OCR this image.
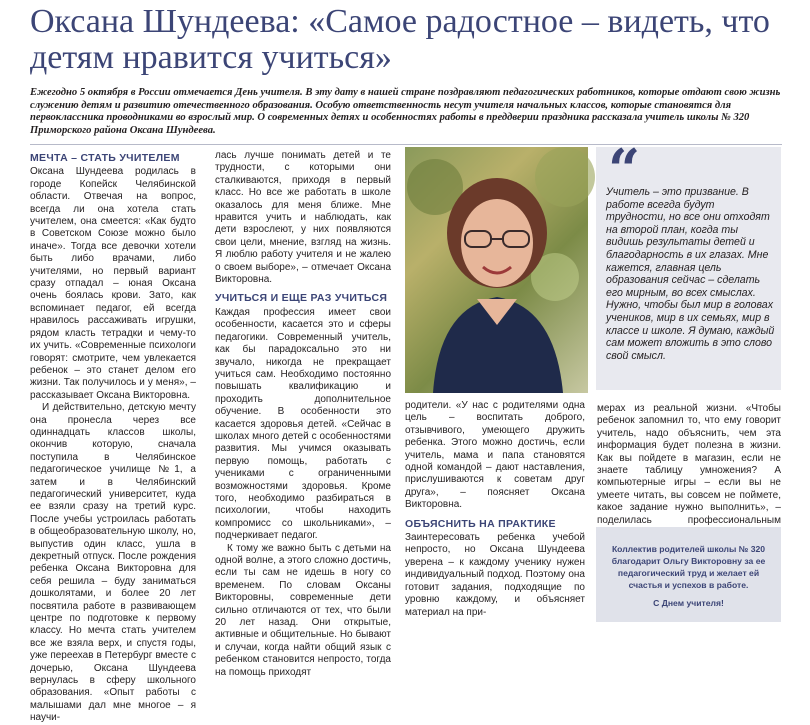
Оксана Шундеева: «Самое радостное – видеть, что детям нравится учиться»
Ежегодно 5 октября в России отмечается День учителя. В эту дату в нашей стране поздравляют педагогических работников, которые отдают свою жизнь служению детям и развитию отечественного образования. Особую ответственность несут учителя начальных классов, которые становятся для первоклассника проводниками во взрослый мир. О современных детях и особенностях работы в преддверии праздника рассказала учитель школы № 320 Приморского района Оксана Шундеева.
МЕЧТА – СТАТЬ УЧИТЕЛЕМ

Оксана Шундеева родилась в городе Копейск Челябинской области. Отвечая на вопрос, всегда ли она хотела стать учителем, она смеется: «Как будто в Советском Союзе можно было иначе». Тогда все девочки хотели быть либо врачами, либо учителями, но первый вариант сразу отпадал – юная Оксана очень боялась крови. Зато, как вспоминает педагог, ей всегда нравилось рассаживать игрушки, рядом класть тетрадки и чему-то их учить. «Современные психологи говорят: смотрите, чем увлекается ребенок – это станет делом его жизни. Так получилось и у меня», – рассказывает Оксана Викторовна.

И действительно, детскую мечту она пронесла через все одиннадцать классов школы, окончив которую, сначала поступила в Челябинское педагогическое училище №1, а затем и в Челябинский педагогический университет, куда ее взяли сразу на третий курс. После учебы устроилась работать в общеобразовательную школу, но, выпустив один класс, ушла в декретный отпуск. После рождения ребенка Оксана Викторовна для себя решила – буду заниматься дошколятами, и более 20 лет посвятила работе в развивающем центре по подготовке к первому классу. Но мечта стать учителем все же взяла верх, и спустя годы, уже переехав в Петербург вместе с дочерью, Оксана Шундеева вернулась в сферу школьного образования. «Опыт работы с малышами дал мне многое – я научи-

лась лучше понимать детей и те трудности, с которыми они сталкиваются, приходя в первый класс. Но все же работать в школе оказалось для меня ближе. Мне нравится учить и наблюдать, как дети взрослеют, у них появляются свои цели, мнение, взгляд на жизнь. Я люблю работу учителя и не жалею о своем выборе», – отмечает Оксана Викторовна.

УЧИТЬСЯ И ЕЩЕ РАЗ УЧИТЬСЯ

Каждая профессия имеет свои особенности, касается это и сферы педагогики. Современный учитель, как бы парадоксально это ни звучало, никогда не прекращает учиться сам. Необходимо постоянно повышать квалификацию и проходить дополнительное обучение. В особенности это касается здоровья детей. «Сейчас в школах много детей с особенностями развития. Мы учимся оказывать первую помощь, работать с учениками с ограниченными возможностями здоровья. Кроме того, необходимо разбираться в психологии, чтобы находить компромисс со школьниками», – подчеркивает педагог.

К тому же важно быть с детьми на одной волне, а этого сложно достичь, если ты сам не идешь в ногу со временем. По словам Оксаны Викторовны, современные дети сильно отличаются от тех, что были 20 лет назад. Они открытые, активные и общительные. Но бывают и случаи, когда найти общий язык с ребенком становится непросто, тогда на помощь приходят

“
Учитель – это призвание. В работе всегда будут трудности, но все они отходят на второй план, когда ты видишь результаты детей и благодарность в их глазах. Мне кажется, главная цель образования сейчас – сделать его мирным, во всех смыслах. Нужно, чтобы был мир в головах учеников, мир в их семьях, мир в классе и школе. Я думаю, каждый сам может вложить в это слово свой смысл.

родители. «У нас с родителями одна цель – воспитать доброго, отзывчивого, умеющего дружить ребенка. Этого можно достичь, если учитель, мама и папа становятся одной командой – дают наставления, прислушиваются к советам друг друга», – поясняет Оксана Викторовна.

ОБЪЯСНИТЬ НА ПРАКТИКЕ

Заинтересовать ребенка учебой непросто, но Оксана Шундеева уверена – к каждому ученику нужен индивидуальный подход. Поэтому она готовит задания, подходящие по уровню каждому, и объясняет материал на при-

мерах из реальной жизни. «Чтобы ребенок запомнил то, что ему говорит учитель, надо объяснить, чем эта информация будет полезна в жизни. Как вы пойдете в магазин, если не знаете таблицу умножения? А компьютерные игры – если вы не умеете читать, вы совсем не поймете, какое задание нужно выполнить», – поделилась профессиональным

Коллектив родителей школы № 320 благодарит Ольгу Викторовну за ее педагогический труд и желает ей счастья и успехов в работе.
С Днем учителя!
